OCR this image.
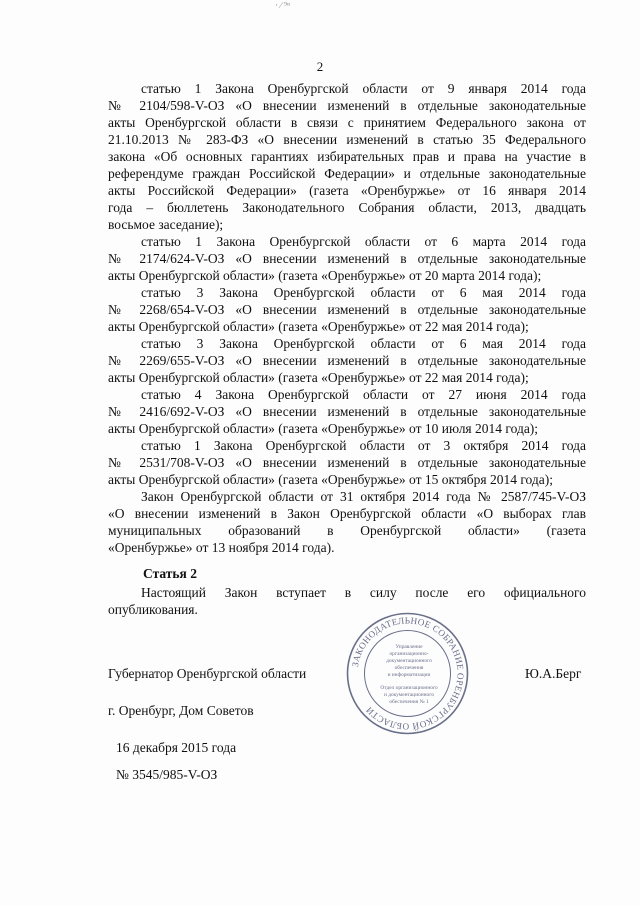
· ∕ ⁹ⁿ
2
статью 1 Закона Оренбургской области от 9 января 2014 года
№ 2104/598-V-ОЗ «О внесении изменений в отдельные законодательные
акты Оренбургской области в связи с принятием Федерального закона от
21.10.2013 № 283-ФЗ «О внесении изменений в статью 35 Федерального
закона «Об основных гарантиях избирательных прав и права на участие в
референдуме граждан Российской Федерации» и отдельные законодательные
акты Российской Федерации» (газета «Оренбуржье» от 16 января 2014
года – бюллетень Законодательного Собрания области, 2013, двадцать
восьмое заседание);
статью 1 Закона Оренбургской области от 6 марта 2014 года
№ 2174/624-V-ОЗ «О внесении изменений в отдельные законодательные
акты Оренбургской области» (газета «Оренбуржье» от 20 марта 2014 года);
статью 3 Закона Оренбургской области от 6 мая 2014 года
№ 2268/654-V-ОЗ «О внесении изменений в отдельные законодательные
акты Оренбургской области» (газета «Оренбуржье» от 22 мая 2014 года);
статью 3 Закона Оренбургской области от 6 мая 2014 года
№ 2269/655-V-ОЗ «О внесении изменений в отдельные законодательные
акты Оренбургской области» (газета «Оренбуржье» от 22 мая 2014 года);
статью 4 Закона Оренбургской области от 27 июня 2014 года
№ 2416/692-V-ОЗ «О внесении изменений в отдельные законодательные
акты Оренбургской области» (газета «Оренбуржье» от 10 июля 2014 года);
статью 1 Закона Оренбургской области от 3 октября 2014 года
№ 2531/708-V-ОЗ «О внесении изменений в отдельные законодательные
акты Оренбургской области» (газета «Оренбуржье» от 15 октября 2014 года);
Закон Оренбургской области от 31 октября 2014 года № 2587/745-V-ОЗ
«О внесении изменений в Закон Оренбургской области «О выборах глав
муниципальных образований в Оренбургской области» (газета
«Оренбуржье» от 13 ноября 2014 года).
Статья 2
Настоящий Закон вступает в силу после его официального
опубликования.
Губернатор Оренбургской области	Ю.А.Берг
г. Оренбург, Дом Советов
16 декабря 2015 года
№ 3545/985-V-ОЗ
ЗАКОНОДАТЕЛЬНОЕ СОБРАНИЕ ОРЕНБУРГСКОЙ ОБЛАСТИ
Управление
организационно-
документационного
обеспечения
и информатизации
Отдел организационного
и документационного
обеспечения № 1
